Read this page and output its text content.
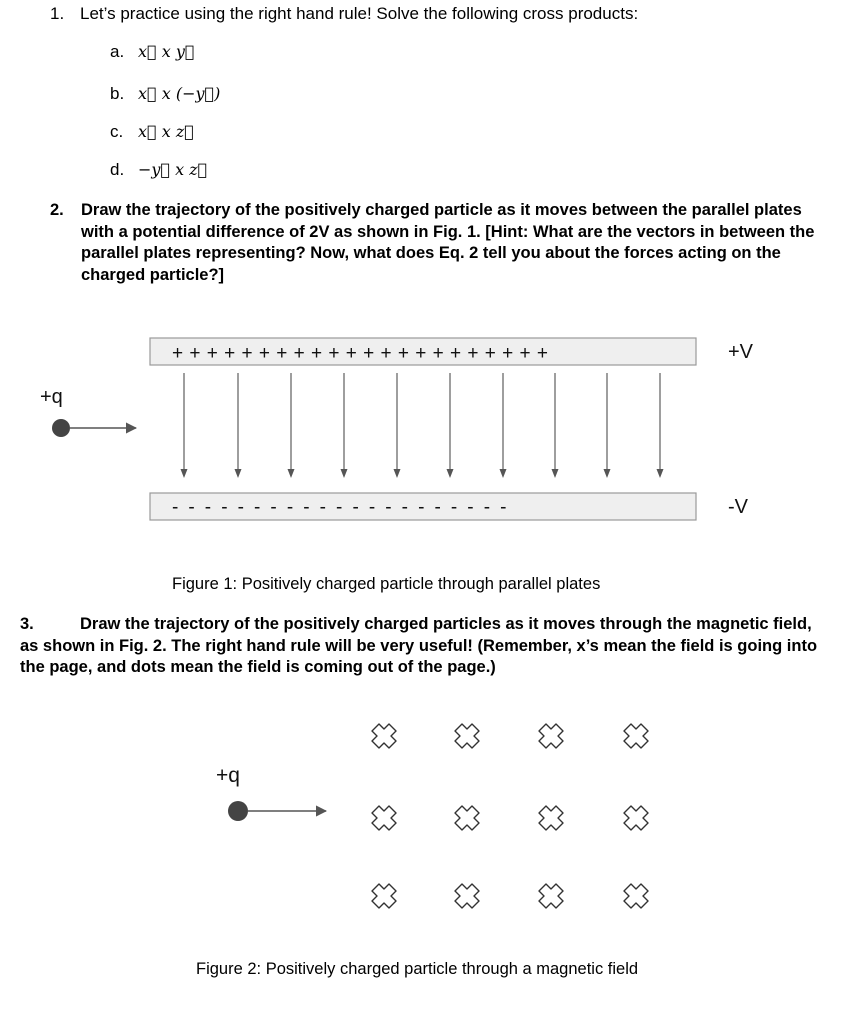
1. Let’s practice using the right hand rule! Solve the following cross products:
a. x⃗ x y⃗
b. x⃗ x (−y⃗)
c. x⃗ x z⃗
d. −y⃗ x z⃗
2. Draw the trajectory of the positively charged particle as it moves between the parallel plates with a potential difference of 2V as shown in Fig. 1. [Hint: What are the vectors in between the parallel plates representing? Now, what does Eq. 2 tell you about the forces acting on the charged particle?]
+ + + + + + + + + + + + + + + + + + + + + +	+V
- - - - - - - - - - - - - - - - - - - - -	-V
+q
Figure 1: Positively charged particle through parallel plates
3.	Draw the trajectory of the positively charged particles as it moves through the magnetic field, as shown in Fig. 2. The right hand rule will be very useful! (Remember, x’s mean the field is going into the page, and dots mean the field is coming out of the page.)
+q
Figure 2: Positively charged particle through a magnetic field
